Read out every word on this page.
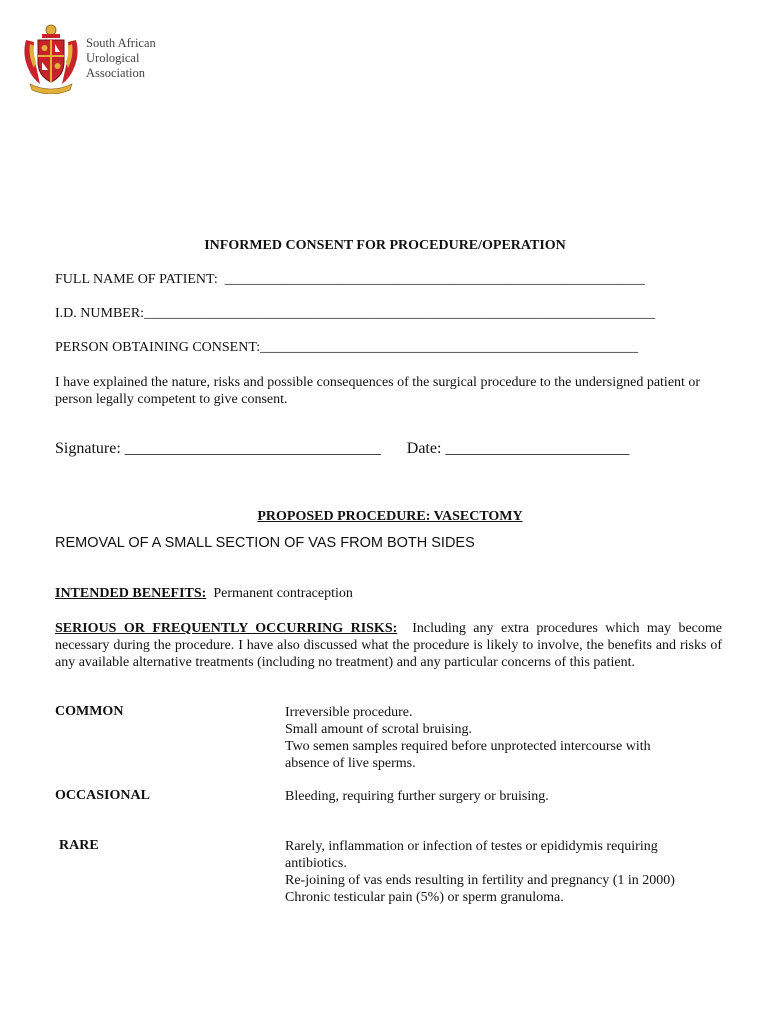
South African
Urological
Association
INFORMED CONSENT FOR PROCEDURE/OPERATION
FULL NAME OF PATIENT:  ____________________________________________________________
I.D. NUMBER:_________________________________________________________________________
PERSON OBTAINING CONSENT:______________________________________________________
I have explained the nature, risks and possible consequences of the surgical procedure to the undersigned patient or person legally competent to give consent.
Signature: ________________________________ Date: _______________________
PROPOSED PROCEDURE: VASECTOMY
REMOVAL OF A SMALL SECTION OF VAS FROM BOTH SIDES
INTENDED BENEFITS: Permanent contraception
SERIOUS OR FREQUENTLY OCCURRING RISKS: Including any extra procedures which may become necessary during the procedure. I have also discussed what the procedure is likely to involve, the benefits and risks of any available alternative treatments (including no treatment) and any particular concerns of this patient.
COMMON	Irreversible procedure.
Small amount of scrotal bruising.
Two semen samples required before unprotected intercourse with
absence of live sperms.
OCCASIONAL	Bleeding, requiring further surgery or bruising.
RARE	Rarely, inflammation or infection of testes or epididymis requiring
antibiotics.
Re-joining of vas ends resulting in fertility and pregnancy (1 in 2000)
Chronic testicular pain (5%) or sperm granuloma.
